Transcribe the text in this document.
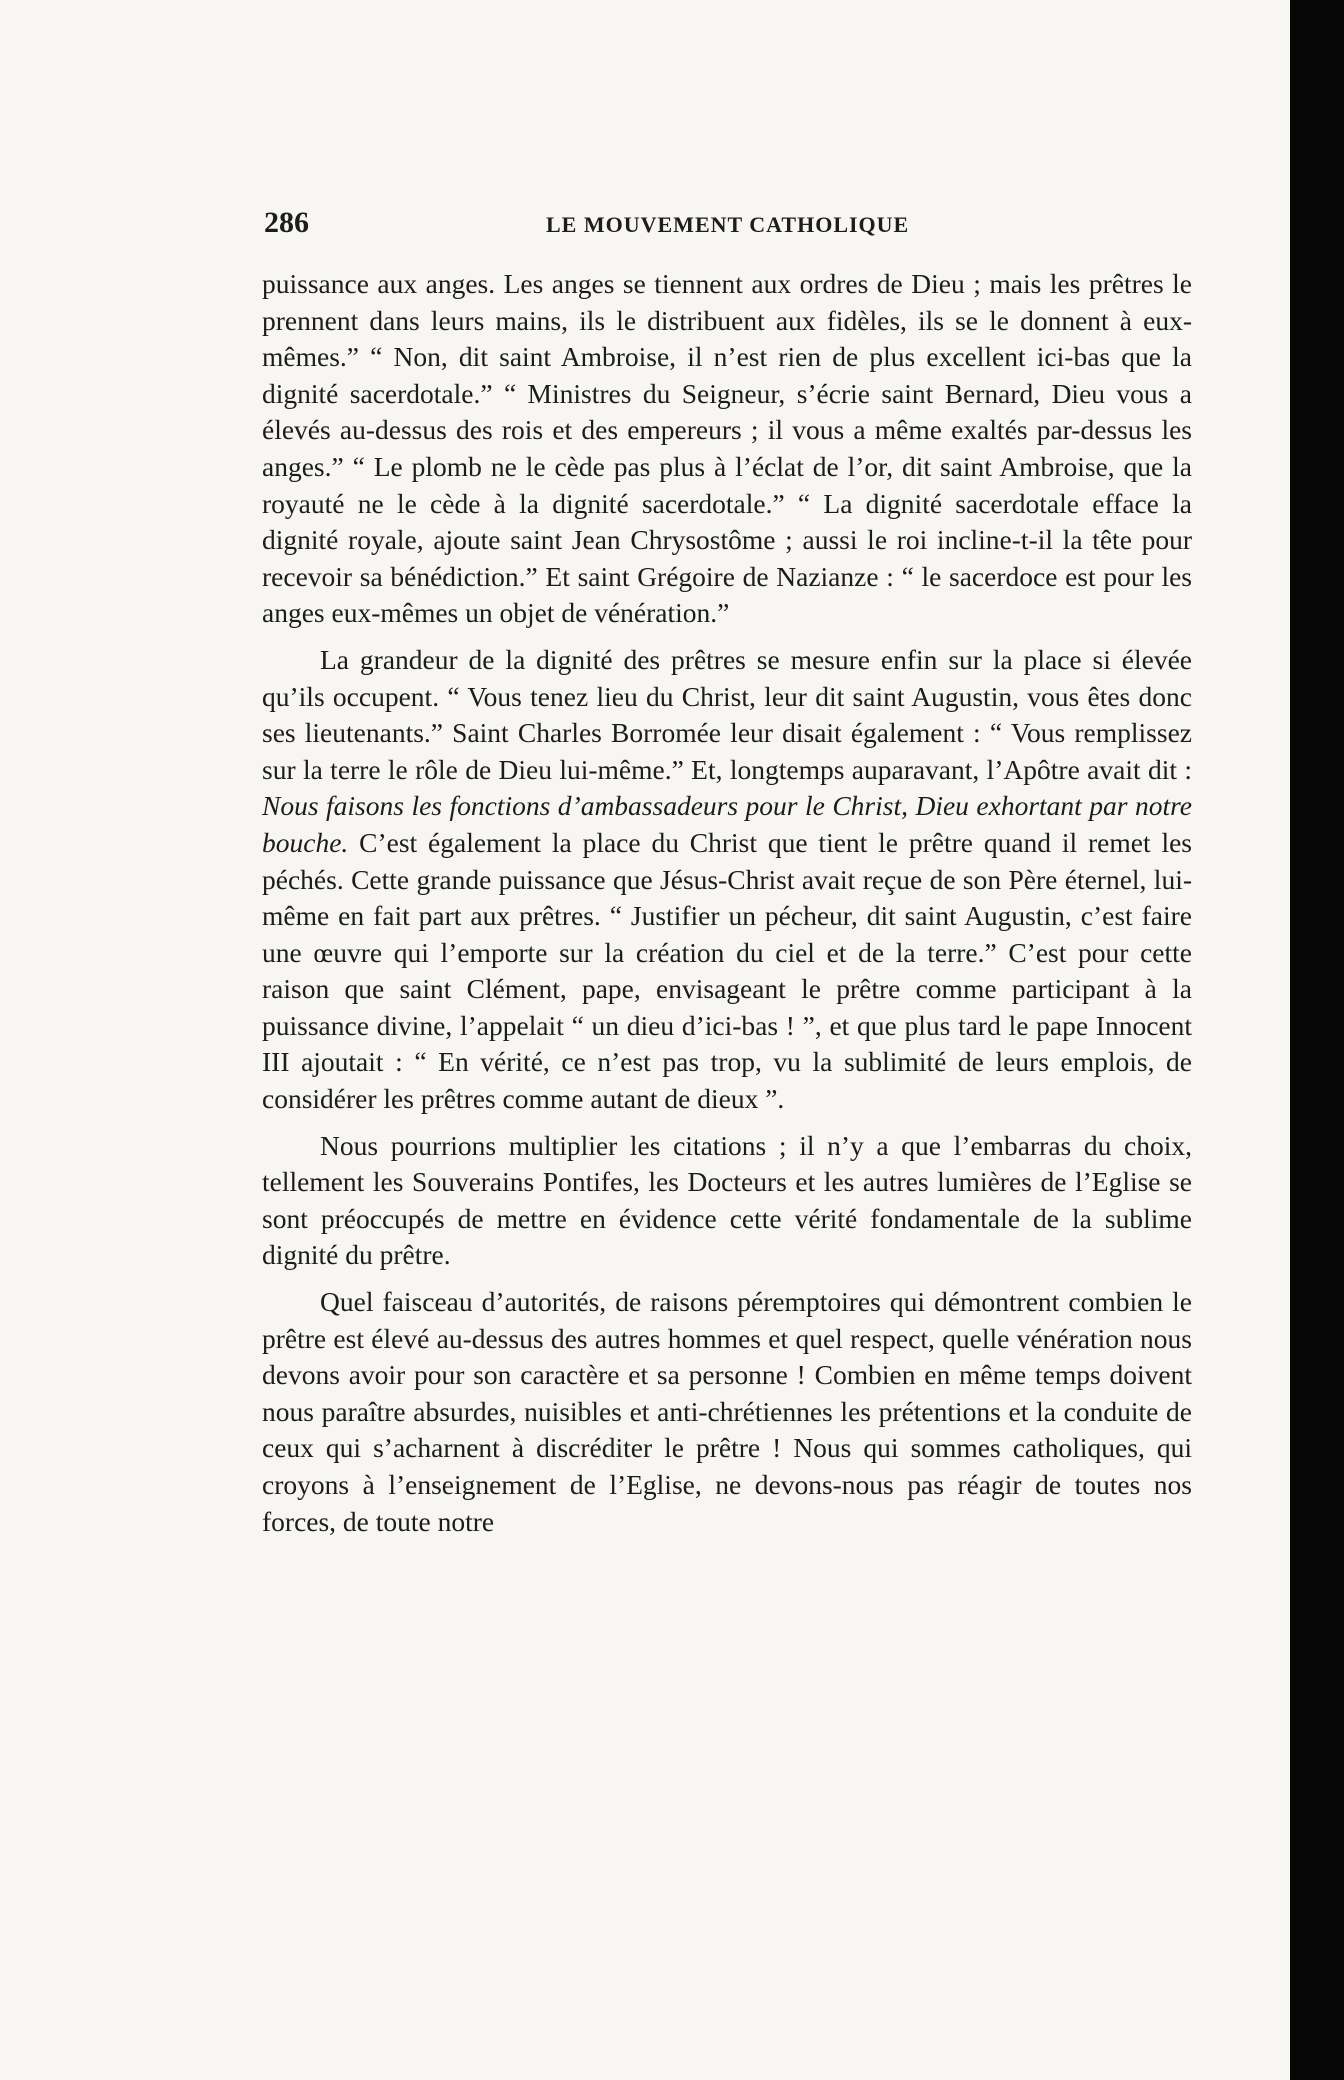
286	LE MOUVEMENT CATHOLIQUE

puissance aux anges. Les anges se tiennent aux ordres de Dieu ; mais les prêtres le prennent dans leurs mains, ils le distribuent aux fidèles, ils se le donnent à eux-mêmes.” “ Non, dit saint Ambroise, il n’est rien de plus excellent ici-bas que la dignité sacerdotale.” “ Ministres du Seigneur, s’écrie saint Bernard, Dieu vous a élevés au-dessus des rois et des empereurs ; il vous a même exaltés par-dessus les anges.” “ Le plomb ne le cède pas plus à l’éclat de l’or, dit saint Ambroise, que la royauté ne le cède à la dignité sacerdotale.” “ La dignité sacerdotale efface la dignité royale, ajoute saint Jean Chrysostôme ; aussi le roi incline-t-il la tête pour recevoir sa bénédiction.” Et saint Grégoire de Nazianze : “ le sacerdoce est pour les anges eux-mêmes un objet de vénération.”

La grandeur de la dignité des prêtres se mesure enfin sur la place si élevée qu’ils occupent. “ Vous tenez lieu du Christ, leur dit saint Augustin, vous êtes donc ses lieutenants.” Saint Charles Borromée leur disait également : “ Vous remplissez sur la terre le rôle de Dieu lui-même.” Et, longtemps auparavant, l’Apôtre avait dit : Nous faisons les fonctions d’ambassadeurs pour le Christ, Dieu exhortant par notre bouche. C’est également la place du Christ que tient le prêtre quand il remet les péchés. Cette grande puissance que Jésus-Christ avait reçue de son Père éternel, lui-même en fait part aux prêtres. “ Justifier un pécheur, dit saint Augustin, c’est faire une œuvre qui l’emporte sur la création du ciel et de la terre.” C’est pour cette raison que saint Clément, pape, envisageant le prêtre comme participant à la puissance divine, l’appelait “ un dieu d’ici-bas ! ”, et que plus tard le pape Innocent III ajoutait : “ En vérité, ce n’est pas trop, vu la sublimité de leurs emplois, de considérer les prêtres comme autant de dieux ”.

Nous pourrions multiplier les citations ; il n’y a que l’embarras du choix, tellement les Souverains Pontifes, les Docteurs et les autres lumières de l’Eglise se sont préoccupés de mettre en évidence cette vérité fondamentale de la sublime dignité du prêtre.

Quel faisceau d’autorités, de raisons péremptoires qui démontrent combien le prêtre est élevé au-dessus des autres hommes et quel respect, quelle vénération nous devons avoir pour son caractère et sa personne ! Combien en même temps doivent nous paraître absurdes, nuisibles et anti-chrétiennes les prétentions et la conduite de ceux qui s’acharnent à discréditer le prêtre ! Nous qui sommes catholiques, qui croyons à l’enseignement de l’Eglise, ne devons-nous pas réagir de toutes nos forces, de toute notre
